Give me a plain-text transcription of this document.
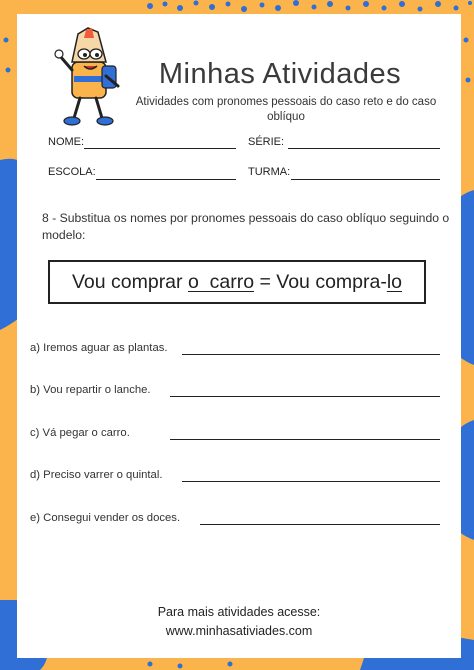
Minhas Atividades
Atividades com pronomes pessoais do caso reto e do caso oblíquo
NOME:	SÉRIE:
ESCOLA:	TURMA:
8 - Substitua os nomes por pronomes pessoais do caso oblíquo seguindo o modelo:
Vou comprar o  carro = Vou compra- lo
a) Iremos aguar as plantas.
b) Vou repartir o lanche.
c) Vá pegar o carro.
d) Preciso varrer o quintal.
e) Consegui vender os doces.
Para mais atividades acesse:
www.minhasativiades.com
